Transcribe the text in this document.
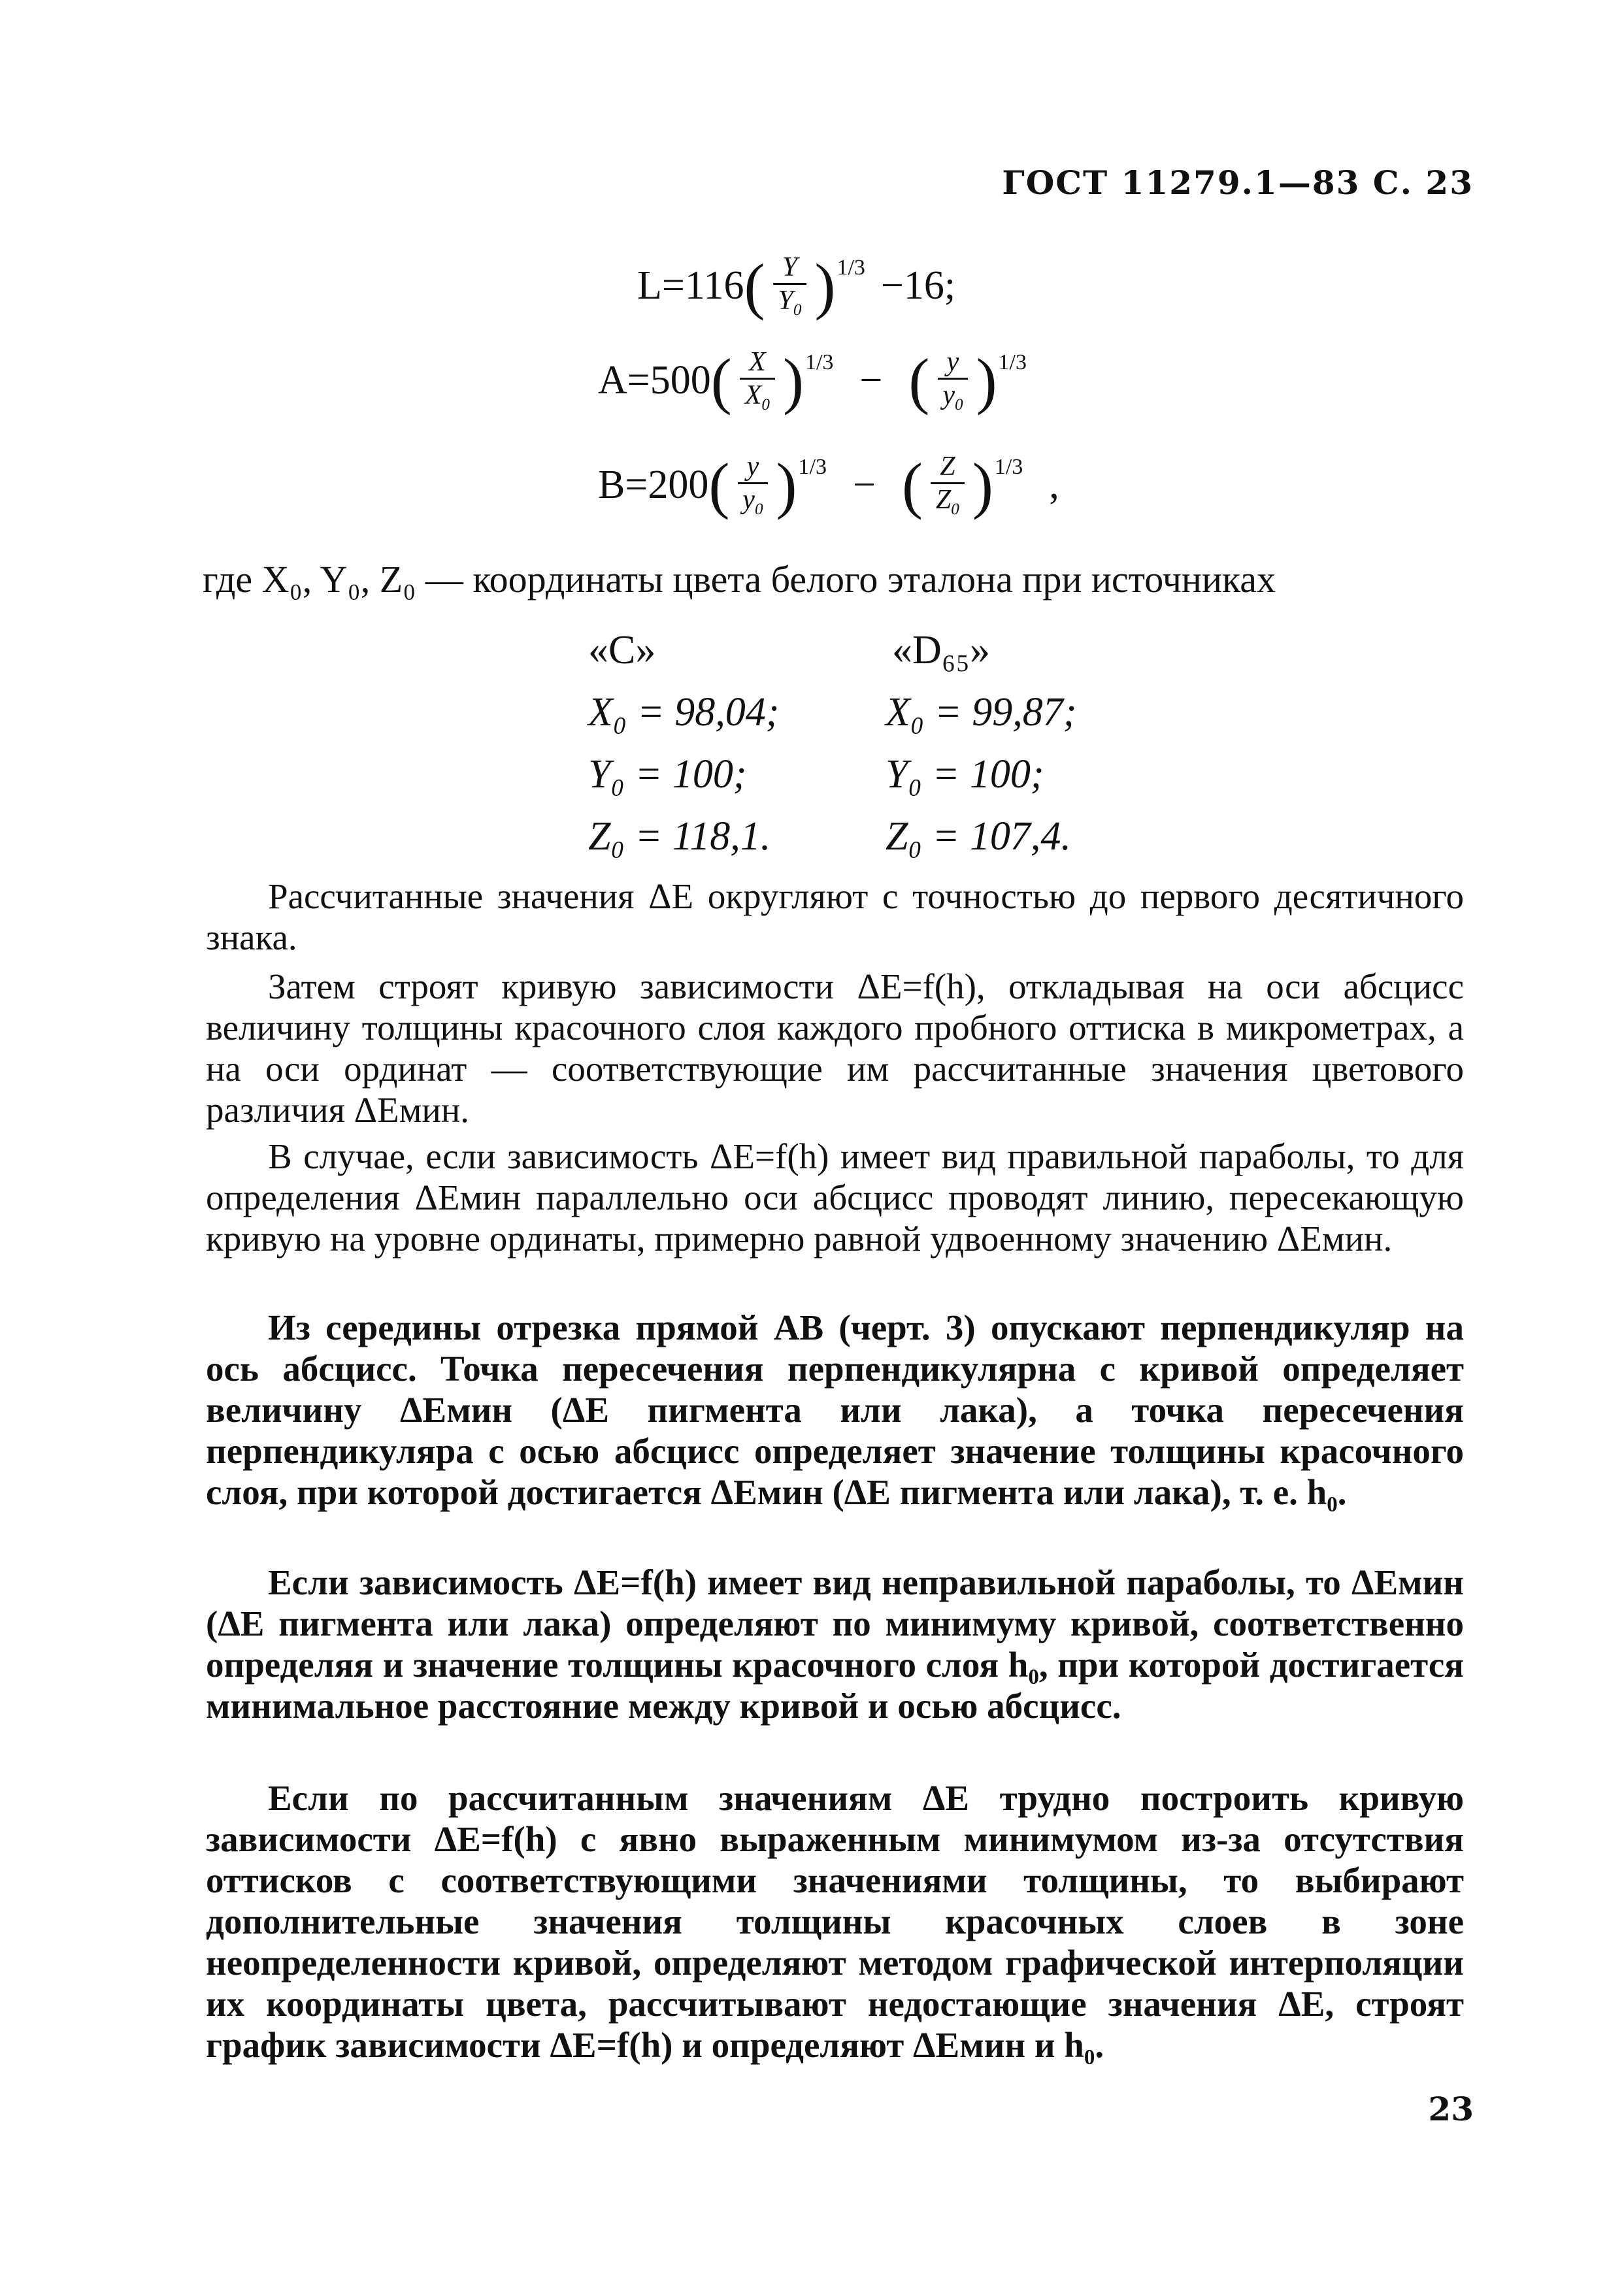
ГОСТ 11279.1—83 С. 23
L=116 ( $\frac{Y}{Y_0}$ ) 1/3 −16;
A=500 ( $\frac{X}{X_0}$ ) 1/3 − ( $\frac{y}{y_0}$ ) 1/3
B=200 ( $\frac{y}{y_0}$ ) 1/3 − ( $\frac{Z}{Z_0}$ ) 1/3 ,
где X₀, Y₀, Z₀ — координаты цвета белого эталона при источниках
«С»	«D₆₅»
X₀ = 98,04;
Y₀ = 100;
Z₀ = 118,1.
X₀ = 99,87;
Y₀ = 100;
Z₀ = 107,4.
Рассчитанные значения ΔE округляют с точностью до первого десятичного знака.
Затем строят кривую зависимости ΔE=f(h), откладывая на оси абсцисс величину толщины красочного слоя каждого пробного оттиска в микрометрах, а на оси ординат — соответствующие им рассчитанные значения цветового различия ΔEмин.
В случае, если зависимость ΔE=f(h) имеет вид правильной параболы, то для определения ΔEмин параллельно оси абсцисс проводят линию, пересекающую кривую на уровне ординаты, примерно равной удвоенному значению ΔEмин.
Из середины отрезка прямой AB (черт. 3) опускают перпендикуляр на ось абсцисс. Точка пересечения перпендикулярна с кривой определяет величину ΔEмин (ΔE пигмента или лака), а точка пересечения перпендикуляра с осью абсцисс определяет значение толщины красочного слоя, при которой достигается ΔEмин (ΔE пигмента или лака), т. е. h₀.
Если зависимость ΔE=f(h) имеет вид неправильной параболы, то ΔEмин (ΔE пигмента или лака) определяют по минимуму кривой, соответственно определяя и значение толщины красочного слоя h₀, при которой достигается минимальное расстояние между кривой и осью абсцисс.
Если по рассчитанным значениям ΔE трудно построить кривую зависимости ΔE=f(h) с явно выраженным минимумом из-за отсутствия оттисков с соответствующими значениями толщины, то выбирают дополнительные значения толщины красочных слоев в зоне неопределенности кривой, определяют методом графической интерполяции их координаты цвета, рассчитывают недостающие значения ΔE, строят график зависимости ΔE=f(h) и определяют ΔEмин и h₀.
23
